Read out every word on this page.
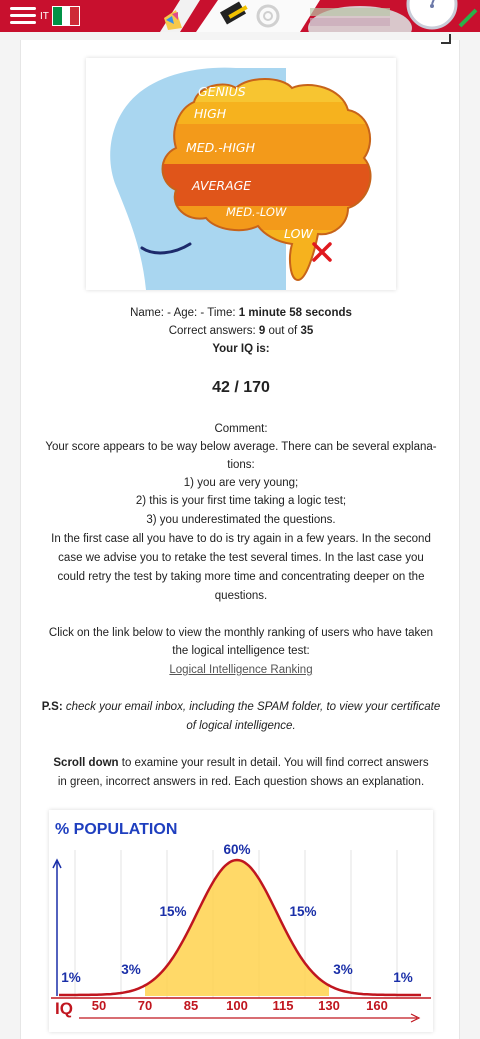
IT
GENIUS
HIGH
MED.-HIGH
AVERAGE
MED.-LOW
LOW
Name: - Age: - Time: 1 minute 58 seconds
Correct answers: 9 out of 35
Your IQ is:
42 / 170
Comment:
Your score appears to be way below average. There can be several explana-
tions:
1) you are very young;
2) this is your first time taking a logic test;
3) you underestimated the questions.
In the first case all you have to do is try again in a few years. In the second
case we advise you to retake the test several times. In the last case you
could retry the test by taking more time and concentrating deeper on the
questions.
Click on the link below to view the monthly ranking of users who have taken
the logical intelligence test:
Logical Intelligence Ranking
P.S: check your email inbox, including the SPAM folder, to view your certificate
of logical intelligence.
Scroll down to examine your result in detail. You will find correct answers
in green, incorrect answers in red. Each question shows an explanation.
% POPULATION
IQ 50 70 85 100 115 130 160
1%
3%
15%
60%
15%
3%
1%
